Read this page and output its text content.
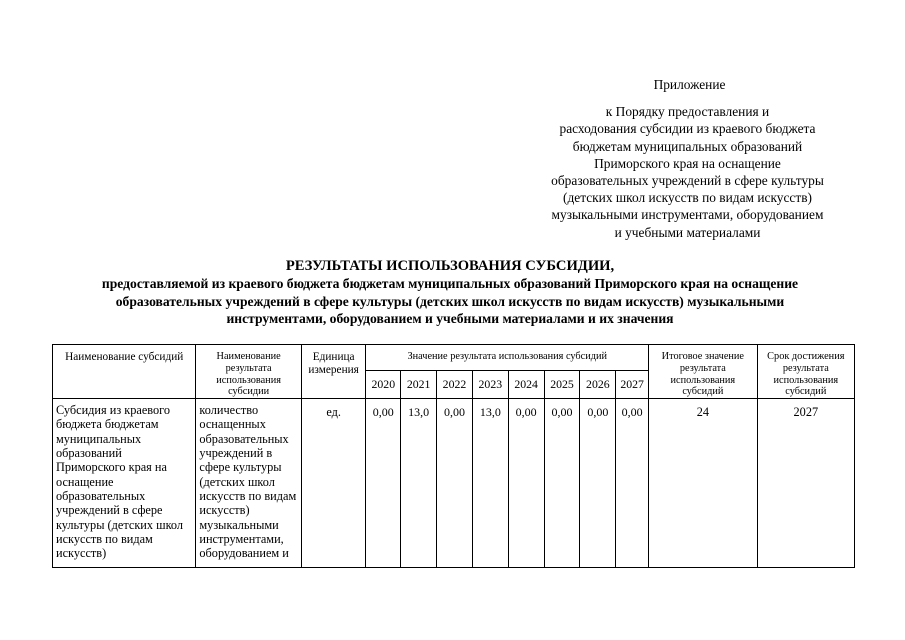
Приложение
к Порядку предоставления и
расходования субсидии из краевого бюджета
бюджетам муниципальных образований
Приморского края на оснащение
образовательных учреждений в сфере культуры
(детских школ искусств по видам искусств)
музыкальными инструментами, оборудованием
и учебными материалами
РЕЗУЛЬТАТЫ ИСПОЛЬЗОВАНИЯ СУБСИДИИ,
предоставляемой из краевого бюджета бюджетам муниципальных образований Приморского края на оснащение
образовательных учреждений в сфере культуры (детских школ искусств по видам искусств) музыкальными
инструментами, оборудованием и учебными материалами и их значения
Наименование субсидий	Наименование результата использования субсидии	Единица измерения	Значение результата использования субсидий								Итоговое значение результата использования субсидий	Срок достижения результата использования субсидий
			2020	2021	2022	2023	2024	2025	2026	2027		

Субсидия из краевого бюджета бюджетам муниципальных образований Приморского края на оснащение образовательных учреждений в сфере культуры (детских школ искусств по видам искусств)	количество оснащенных образовательных учреждений в сфере культуры (детских школ искусств по видам искусств) музыкальными инструментами, оборудованием и	ед.	0,00	13,0	0,00	13,0	0,00	0,00	0,00	0,00	24	2027
